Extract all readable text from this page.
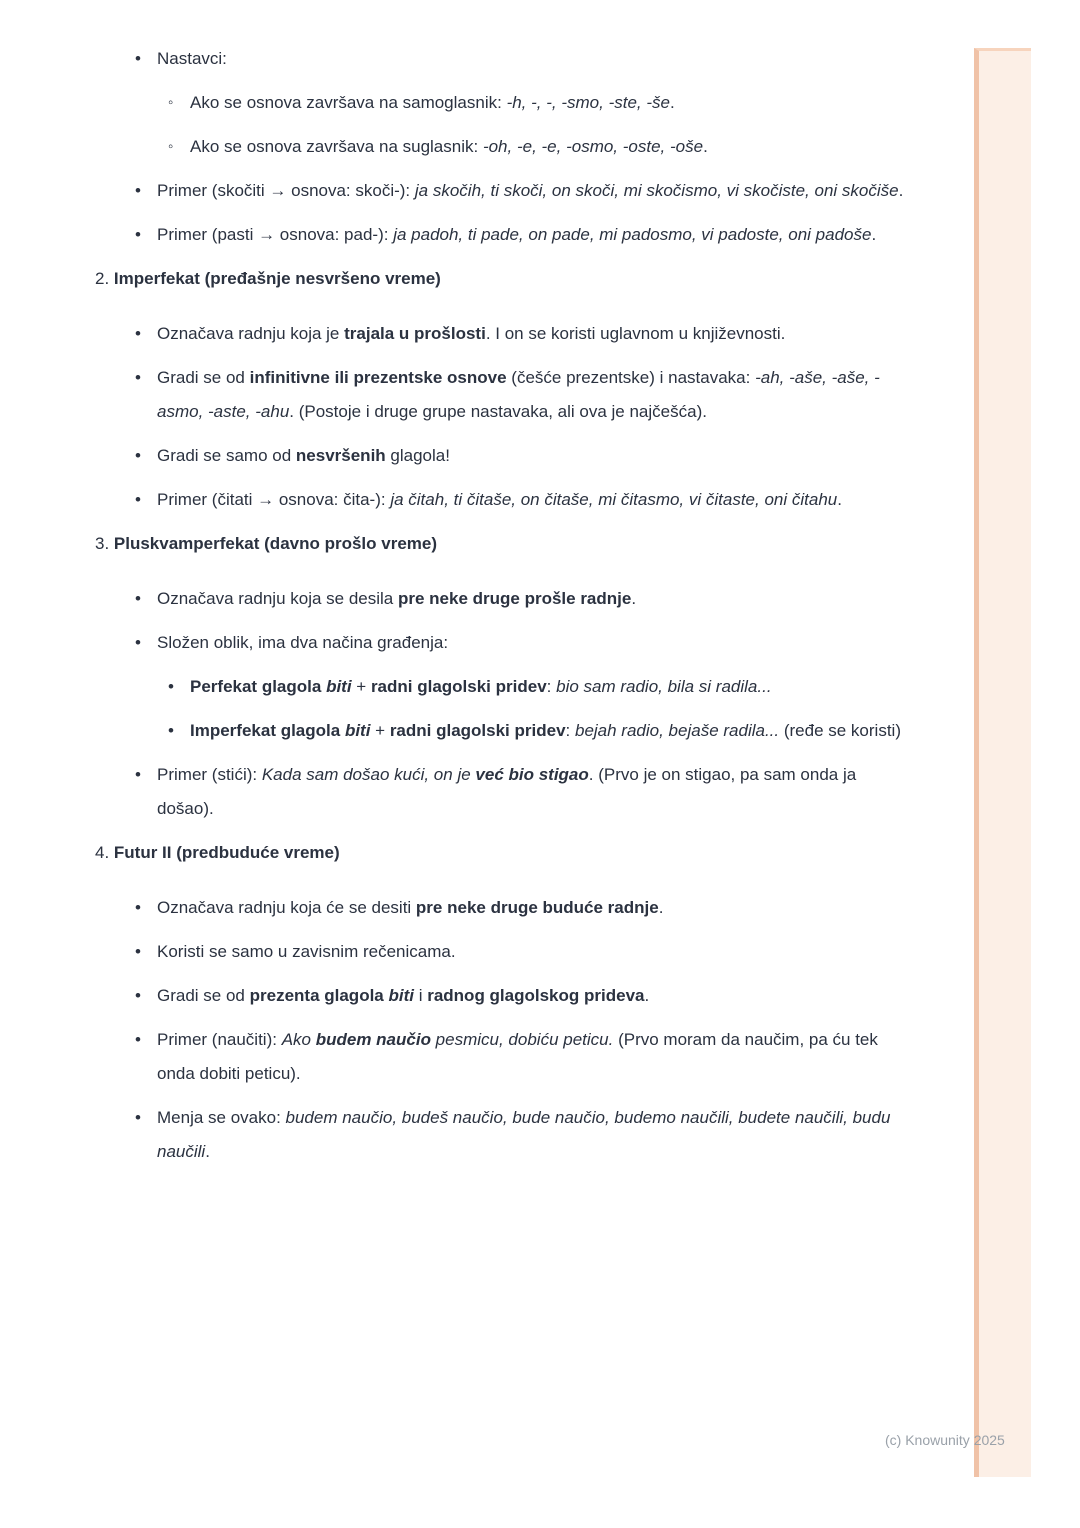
• Nastavci:
◦ Ako se osnova završava na samoglasnik: -h, -, -, -smo, -ste, -še.
◦ Ako se osnova završava na suglasnik: -oh, -e, -e, -osmo, -oste, -oše.
• Primer (skočiti → osnova: skoči-): ja skočih, ti skoči, on skoči, mi skočismo, vi skočiste, oni skočiše.
• Primer (pasti → osnova: pad-): ja padoh, ti pade, on pade, mi padosmo, vi padoste, oni padoše.
2. Imperfekat (pređašnje nesvršeno vreme)
• Označava radnju koja je trajala u prošlosti. I on se koristi uglavnom u književnosti.
• Gradi se od infinitivne ili prezentske osnove (češće prezentske) i nastavaka: -ah, -aše, -aše, -asmo, -aste, -ahu. (Postoje i druge grupe nastavaka, ali ova je najčešća).
• Gradi se samo od nesvršenih glagola!
• Primer (čitati → osnova: čita-): ja čitah, ti čitaše, on čitaše, mi čitasmo, vi čitaste, oni čitahu.
3. Pluskvamperfekat (davno prošlo vreme)
• Označava radnju koja se desila pre neke druge prošle radnje.
• Složen oblik, ima dva načina građenja:
• Perfekat glagola biti + radni glagolski pridev: bio sam radio, bila si radila...
• Imperfekat glagola biti + radni glagolski pridev: bejah radio, bejaše radila... (ređe se koristi)
• Primer (stići): Kada sam došao kući, on je već bio stigao. (Prvo je on stigao, pa sam onda ja došao).
4. Futur II (predbuduće vreme)
• Označava radnju koja će se desiti pre neke druge buduće radnje.
• Koristi se samo u zavisnim rečenicama.
• Gradi se od prezenta glagola biti i radnog glagolskog prideva.
• Primer (naučiti): Ako budem naučio pesmicu, dobiću peticu. (Prvo moram da naučim, pa ću tek onda dobiti peticu).
• Menja se ovako: budem naučio, budeš naučio, bude naučio, budemo naučili, budete naučili, budu naučili.
(c) Knowunity 2025
